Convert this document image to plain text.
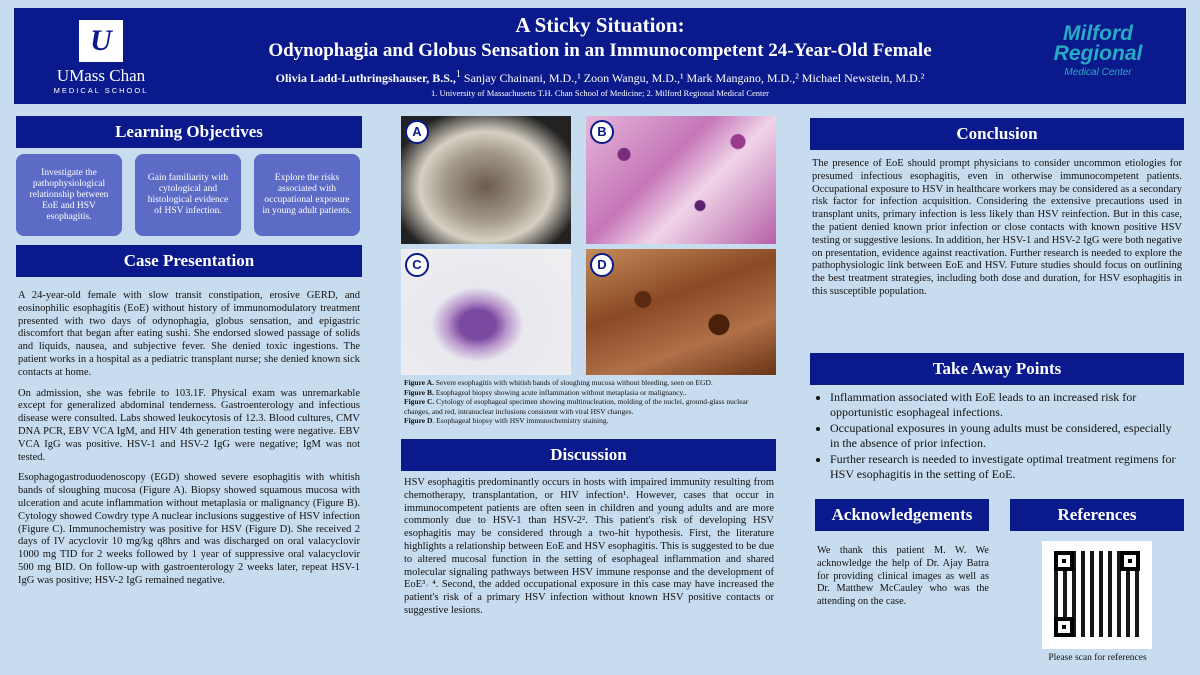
U
UMass Chan
MEDICAL SCHOOL
A Sticky Situation:
Odynophagia and Globus Sensation in an Immunocompetent 24-Year-Old Female
Olivia Ladd-Luthringshauser, B.S.,$^1$ Sanjay Chainani, M.D.,¹ Zoon Wangu, M.D.,¹ Mark Mangano, M.D.,² Michael Newstein, M.D.²
1. University of Massachusetts T.H. Chan School of Medicine; 2. Milford Regional Medical Center
Milford
Regional
Medical Center
Learning Objectives
Investigate the pathophysiological relationship between EoE and HSV esophagitis.
Gain familiarity with cytological and histological evidence of HSV infection.
Explore the risks associated with occupational exposure in young adult patients.
Case Presentation

A 24-year-old female with slow transit constipation, erosive GERD, and eosinophilic esophagitis (EoE) without history of immunomodulatory treatment presented with two days of odynophagia, globus sensation, and epigastric discomfort that began after eating sushi. She endorsed slowed passage of solids and liquids, nausea, and subjective fever. She denied toxic ingestions. The patient works in a hospital as a pediatric transplant nurse; she denied known sick contacts at home.

On admission, she was febrile to 103.1F. Physical exam was unremarkable except for generalized abdominal tenderness. Gastroenterology and infectious disease were consulted. Labs showed leukocytosis of 12.3. Blood cultures, CMV DNA PCR, EBV VCA IgM, and HIV 4th generation testing were negative. EBV VCA IgG was positive. HSV-1 and HSV-2 IgG were negative; IgM was not tested.

Esophagogastroduodenoscopy (EGD) showed severe esophagitis with whitish bands of sloughing mucosa (Figure A). Biopsy showed squamous mucosa with ulceration and acute inflammation without metaplasia or malignancy (Figure B). Cytology showed Cowdry type A nuclear inclusions suggestive of HSV infection (Figure C). Immunochemistry was positive for HSV (Figure D). She received 2 days of IV acyclovir 10 mg/kg q8hrs and was discharged on oral valacyclovir 1000 mg TID for 2 weeks followed by 1 year of suppressive oral valacyclovir 500 mg BID. On follow-up with gastroenterology 2 weeks later, repeat HSV-1 IgG was positive; HSV-2 IgG remained negative.

A	B
C	D
Figure A. Severe esophagitis with whitish bands of sloughing mucosa without bleeding, seen on EGD.
Figure B. Esophageal biopsy showing acute inflammation without metaplasia or malignancy..
Figure C. Cytology of esophageal specimen showing multinucleation, molding of the nuclei, ground-glass nuclear changes, and red, intranuclear inclusions consistent with viral HSV changes.
Figure D. Esophageal biopsy with HSV immunochemistry staining.
Discussion
HSV esophagitis predominantly occurs in hosts with impaired immunity resulting from chemotherapy, transplantation, or HIV infection¹. However, cases that occur in immunocompetent patients are often seen in children and young adults and are more commonly due to HSV-1 than HSV-2². This patient's risk of developing HSV esophagitis may be considered through a two-hit hypothesis. First, the literature highlights a relationship between EoE and HSV esophagitis. This is suggested to be due to altered mucosal function in the setting of esophageal inflammation and shared molecular signaling pathways between HSV immune response and the development of EoE³˒ ⁴. Second, the added occupational exposure in this case may have increased the patient's risk of a primary HSV infection without known HSV positive contacts or suggestive lesions.
Conclusion
The presence of EoE should prompt physicians to consider uncommon etiologies for presumed infectious esophagitis, even in otherwise immunocompetent patients. Occupational exposure to HSV in healthcare workers may be considered as a secondary risk factor for infection acquisition. Considering the extensive precautions used in transplant units, primary infection is less likely than HSV reinfection. But in this case, the patient denied known prior infection or close contacts with known positive HSV testing or suggestive lesions. In addition, her HSV-1 and HSV-2 IgG were both negative on presentation, evidence against reactivation. Further research is needed to explore the pathophysiologic link between EoE and HSV. Future studies should focus on outlining the best treatment strategies, including both dose and duration, for HSV esophagitis in this susceptible population.
Take Away Points
• Inflammation associated with EoE leads to an increased risk for opportunistic esophageal infections.
• Occupational exposures in young adults must be considered, especially in the absence of prior infection.
• Further research is needed to investigate optimal treatment regimens for HSV esophagitis in the setting of EoE.
Acknowledgements
We thank this patient M. W. We acknowledge the help of Dr. Ajay Batra for providing clinical images as well as Dr. Matthew McCauley who was the attending on the case.
References
Please scan for references
